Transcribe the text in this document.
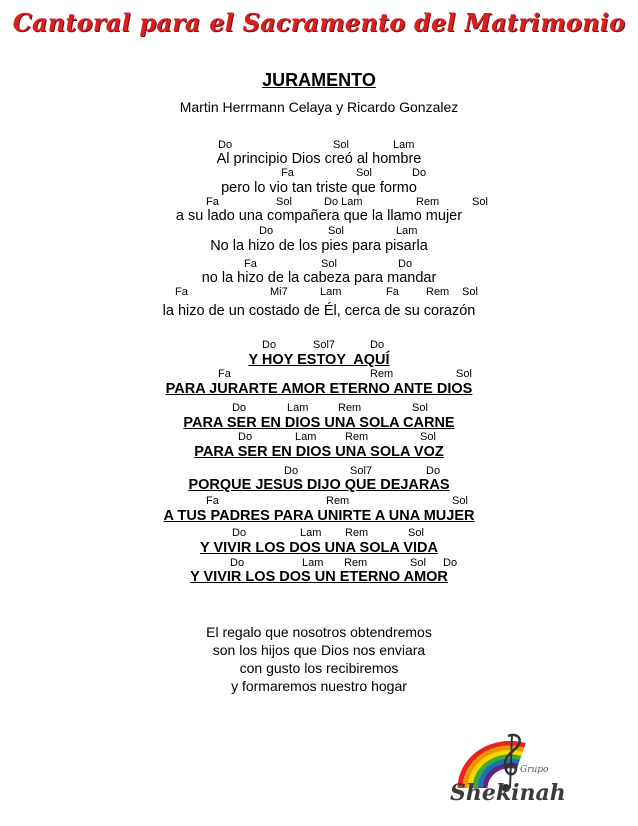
Cantoral para el Sacramento del Matrimonio
JURAMENTO
Martin Herrmann Celaya y Ricardo Gonzalez
Do	Sol	Lam
Al principio Dios creó al hombre
Fa	Sol	Do
pero lo vio tan triste que formo
Fa	Sol	Do Lam	Rem	Sol
a su lado una compañera que la llamo mujer
Do	Sol	Lam
No la hizo de los pies para pisarla
Fa	Sol	Do
no la hizo de la cabeza para mandar
Fa	Mi7	Lam	Fa Rem Sol
la hizo de un costado de Él, cerca de su corazón
Do	Sol7	Do
Y HOY ESTOY  AQUÍ
Fa	Rem	Sol
PARA JURARTE AMOR ETERNO ANTE DIOS
Do	Lam	Rem	Sol
PARA SER EN DIOS UNA SOLA CARNE
Do	Lam	Rem	Sol
PARA SER EN DIOS UNA SOLA VOZ
Do	Sol7	Do
PORQUE JESUS DIJO QUE DEJARAS
Fa	Rem	Sol
A TUS PADRES PARA UNIRTE A UNA MUJER
Do	Lam Rem	Sol
Y VIVIR LOS DOS UNA SOLA VIDA
Do	Lam Rem	Sol Do
Y VIVIR LOS DOS UN ETERNO AMOR
El regalo que nosotros obtendremos
son los hijos que Dios nos enviara
con gusto los recibiremos
y formaremos nuestro hogar
Grupo
Shekinah
